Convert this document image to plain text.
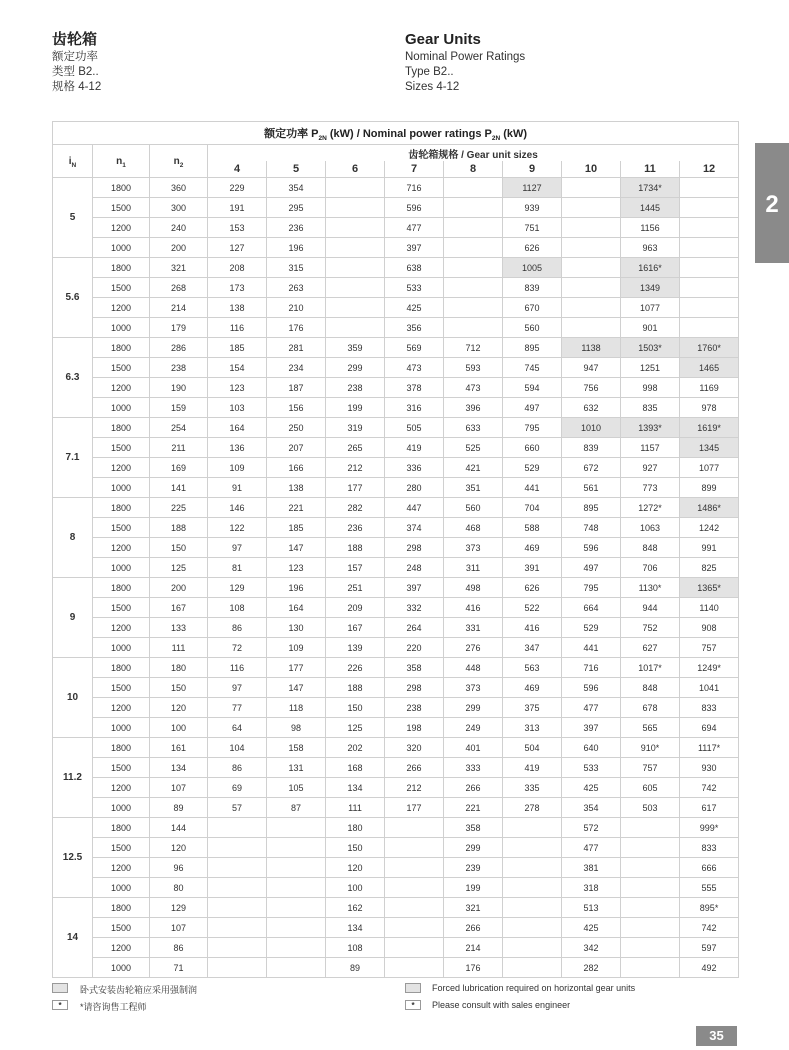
齿轮箱
额定功率
类型 B2..
规格 4-12
Gear Units
Nominal Power Ratings
Type B2..
Sizes 4-12
2
额定功率 $P_{2N}$ (kW) / Nominal power ratings $P_{2N}$ (kW)											
$i_N$	$n_1$	$n_2$	齿轮箱规格 / Gear unit sizes								
			4	5	6	7	8	9	10	11	12
5	1800	360	229	354		716		1127		1734*	
	1500	300	191	295		596		939		1445	
	1200	240	153	236		477		751		1156	
	1000	200	127	196		397		626		963	
5.6	1800	321	208	315		638		1005		1616*	
	1500	268	173	263		533		839		1349	
	1200	214	138	210		425		670		1077	
	1000	179	116	176		356		560		901	
6.3	1800	286	185	281	359	569	712	895	1138	1503*	1760*
	1500	238	154	234	299	473	593	745	947	1251	1465
	1200	190	123	187	238	378	473	594	756	998	1169
	1000	159	103	156	199	316	396	497	632	835	978
7.1	1800	254	164	250	319	505	633	795	1010	1393*	1619*
	1500	211	136	207	265	419	525	660	839	1157	1345
	1200	169	109	166	212	336	421	529	672	927	1077
	1000	141	91	138	177	280	351	441	561	773	899
8	1800	225	146	221	282	447	560	704	895	1272*	1486*
	1500	188	122	185	236	374	468	588	748	1063	1242
	1200	150	97	147	188	298	373	469	596	848	991
	1000	125	81	123	157	248	311	391	497	706	825
9	1800	200	129	196	251	397	498	626	795	1130*	1365*
	1500	167	108	164	209	332	416	522	664	944	1140
	1200	133	86	130	167	264	331	416	529	752	908
	1000	111	72	109	139	220	276	347	441	627	757
10	1800	180	116	177	226	358	448	563	716	1017*	1249*
	1500	150	97	147	188	298	373	469	596	848	1041
	1200	120	77	118	150	238	299	375	477	678	833
	1000	100	64	98	125	198	249	313	397	565	694
11.2	1800	161	104	158	202	320	401	504	640	910*	1117*
	1500	134	86	131	168	266	333	419	533	757	930
	1200	107	69	105	134	212	266	335	425	605	742
	1000	89	57	87	111	177	221	278	354	503	617
12.5	1800	144			180		358		572		999*
	1500	120			150		299		477		833
	1200	96			120		239		381		666
	1000	80			100		199		318		555
14	1800	129			162		321		513		895*
	1500	107			134		266		425		742
	1200	86			108		214		342		597
	1000	71			89		176		282		492
卧式安装齿轮箱应采用强制润
*	*请咨询售工程师
Forced lubrication required on horizontal gear units
*	Please consult with sales engineer
35
